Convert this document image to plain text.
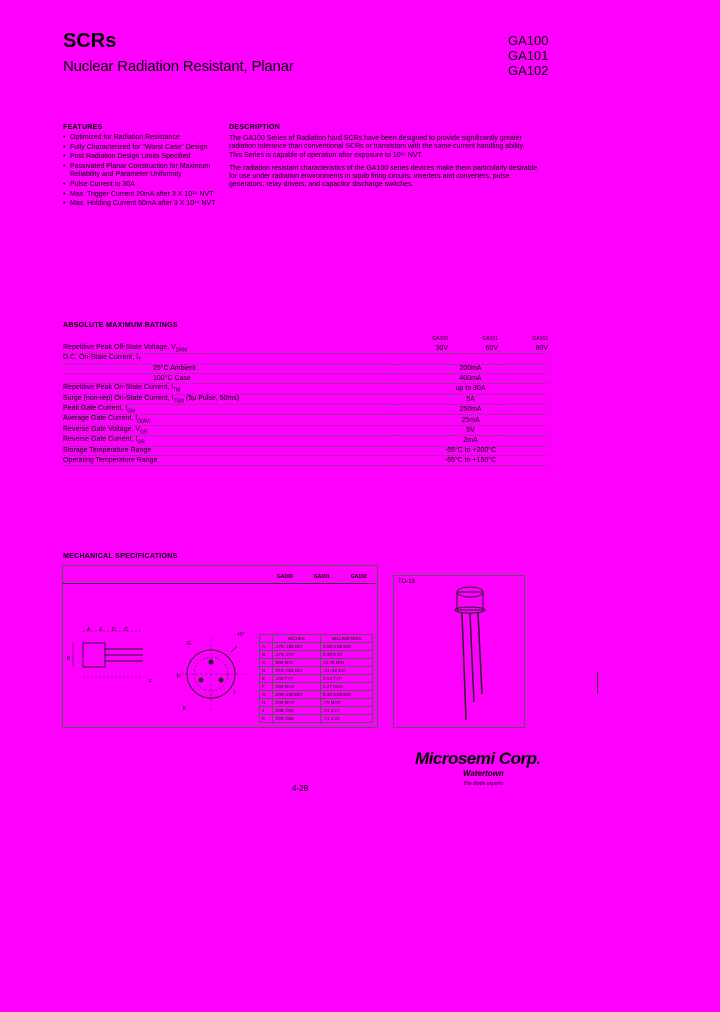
SCRs
Nuclear Radiation Resistant, Planar
GA100
GA101
GA102
FEATURES
• Optimized for Radiation Resistance
• Fully Characterized for "Worst Case" Design
• Post Radiation Design Limits Specified
• Passivated Planar Construction for Maximum Reliability and Parameter Uniformity
• Pulse Current to 30A
• Max. Trigger Current 20mA after 3 X 10¹⁴ NVT
• Max. Holding Current 50mA after 3 X 10¹⁴ NVT
DESCRIPTION

The GA100 Series of Radiation hard SCRs have been designed to provide significantly greater radiation tolerance than conventional SCRs or transistors with the same current handling ability. This Series is capable of operation after exposure to 10¹⁵ NVT.

The radiation resistant characteristics of the GA100 series devices make them particularly desirable for use under radiation environments in squib firing circuits, inverters and converters, pulse generators, relay drivers, and capacitor discharge switches.

ABSOLUTE MAXIMUM RATINGS
	GA100	GA101	GA102
Repetitive Peak Off-State Voltage, $V_{DRM}$	30V	60V	80V
D.C. On-State Current, $I_T$			
25°C Ambient	200mA		
100°C Case	400mA		
Repetitive Peak On-State Current, $I_{TM}$	up to 30A		
Surge (non-rep) On-State Current, $I_{TSM}$ (5μ Pulse, 50ms)	5A		
Peak Gate Current, $I_{GM}$	250mA		
Average Gate Current, $I_{G(AV)}$	25mA		
Reverse Gate Voltage, $V_{GR}$	5V		
Reverse Gate Current, $I_{GR}$	2mA		
Storage Temperature Range	-65°C to +200°C		
Operating Temperature Range	-65°C to +150°C		
MECHANICAL SPECIFICATIONS
GA100	GA101	GA102
AEDC
F
B
45°
G
H
J
K
	INCHES	MILLIMETERS
A	.178-.195 DIA	4.52-4.95 DIA
B	.170-.210	4.32-5.33
C	.500 MIN	12.70 MIN
D	.016-.019 DIA	.41-.48 DIA
E	.100 TYP	2.54 TYP
F	.050 MAX	1.27 MAX
G	.209-.230 DIA	5.31-5.84 DIA
H	.030 MAX	.76 MAX
J	.036-.046	.91-1.17
K	.028-.048	.71-1.22
TO-18
Microsemi Corp.
Watertown
The diode experts
4-28
